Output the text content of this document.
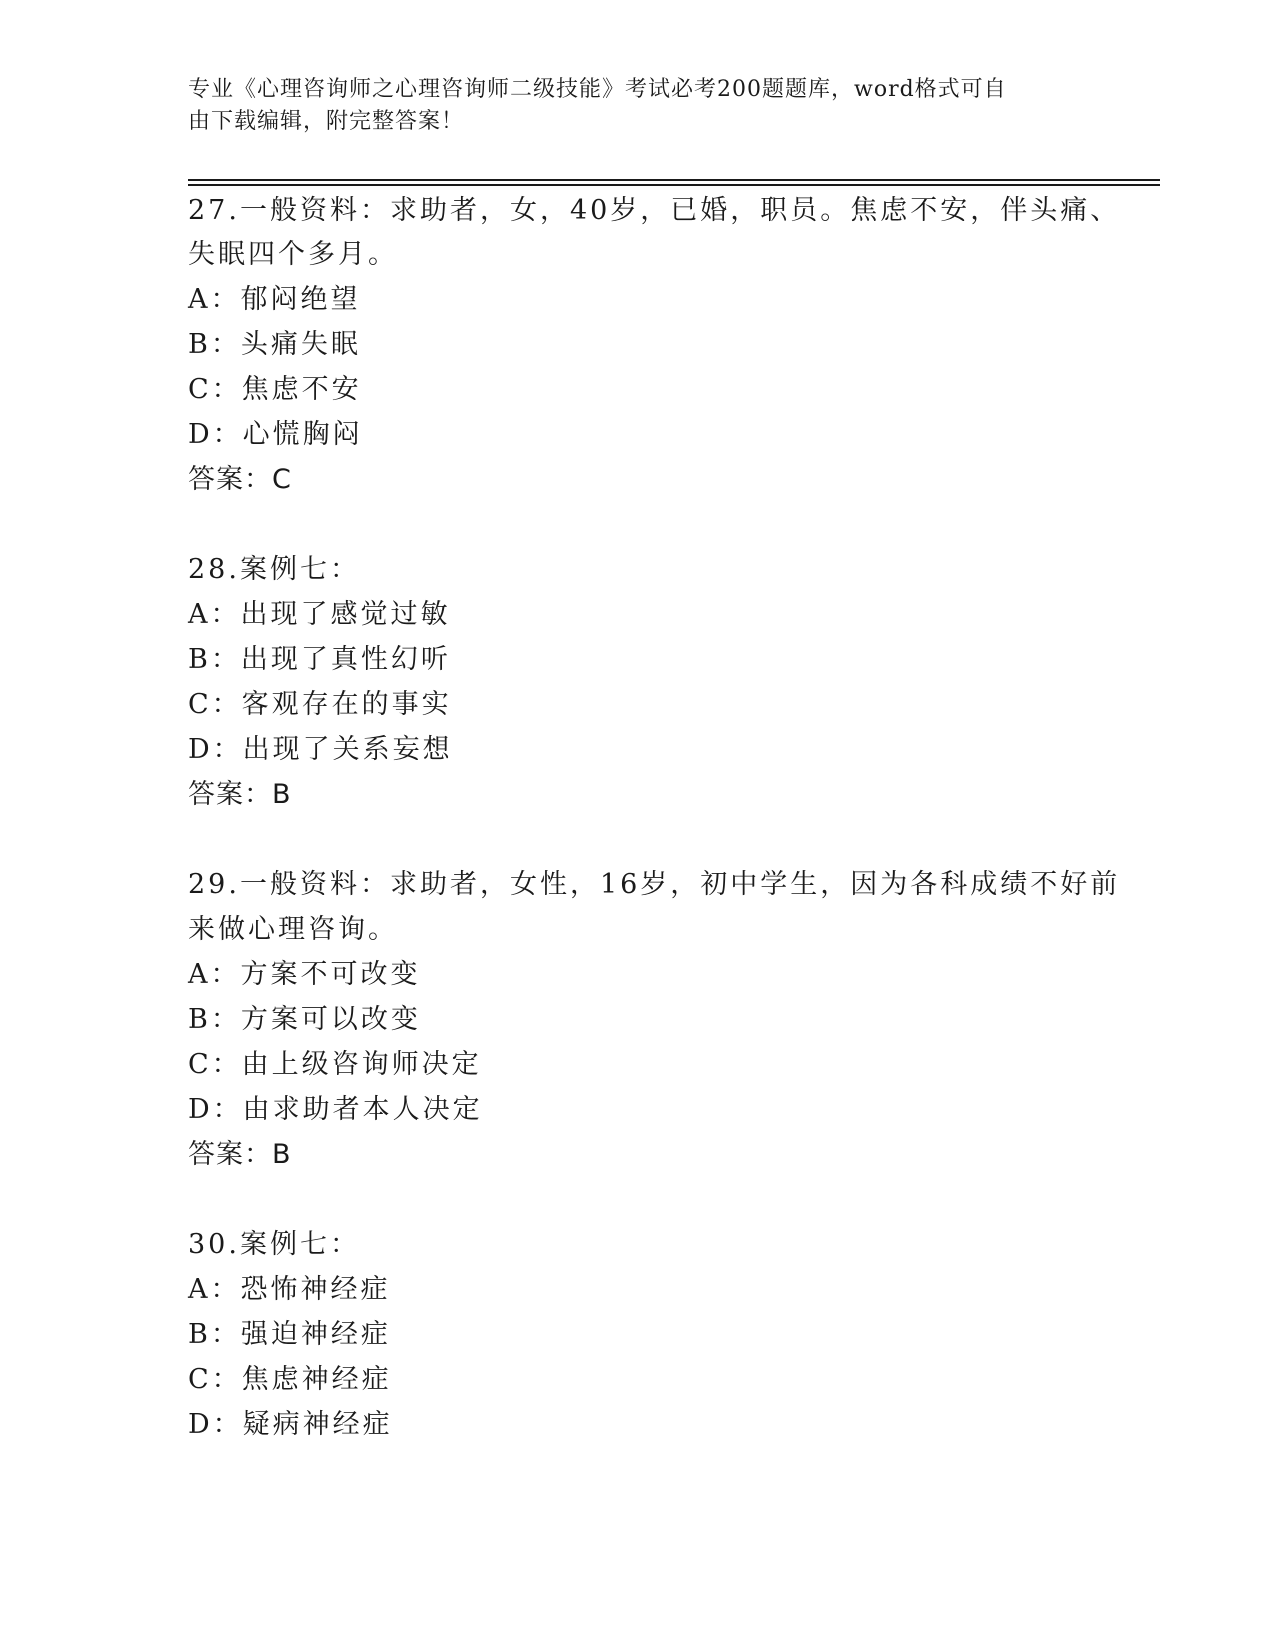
专业《心理咨询师之心理咨询师二级技能》考试必考200题题库，word格式可自
由下载编辑，附完整答案！
27.一般资料：求助者，女，40岁，已婚，职员。焦虑不安，伴头痛、
失眠四个多月。
A：郁闷绝望
B：头痛失眠
C：焦虑不安
D：心慌胸闷
答案：C
28.案例七：
A：出现了感觉过敏
B：出现了真性幻听
C：客观存在的事实
D：出现了关系妄想
答案：B
29.一般资料：求助者，女性，16岁，初中学生，因为各科成绩不好前
来做心理咨询。
A：方案不可改变
B：方案可以改变
C：由上级咨询师决定
D：由求助者本人决定
答案：B
30.案例七：
A：恐怖神经症
B：强迫神经症
C：焦虑神经症
D：疑病神经症
